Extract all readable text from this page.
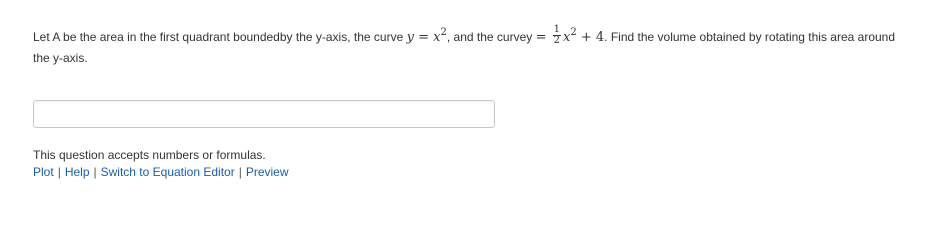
Let A be the area in the first quadrant boundedby the y-axis, the curve $y = x^2$, and the curvey = $\frac{1}{2} x^2 + 4$. Find the volume obtained by rotating this area around the y-axis.
This question accepts numbers or formulas.
Plot | Help | Switch to Equation Editor | Preview
